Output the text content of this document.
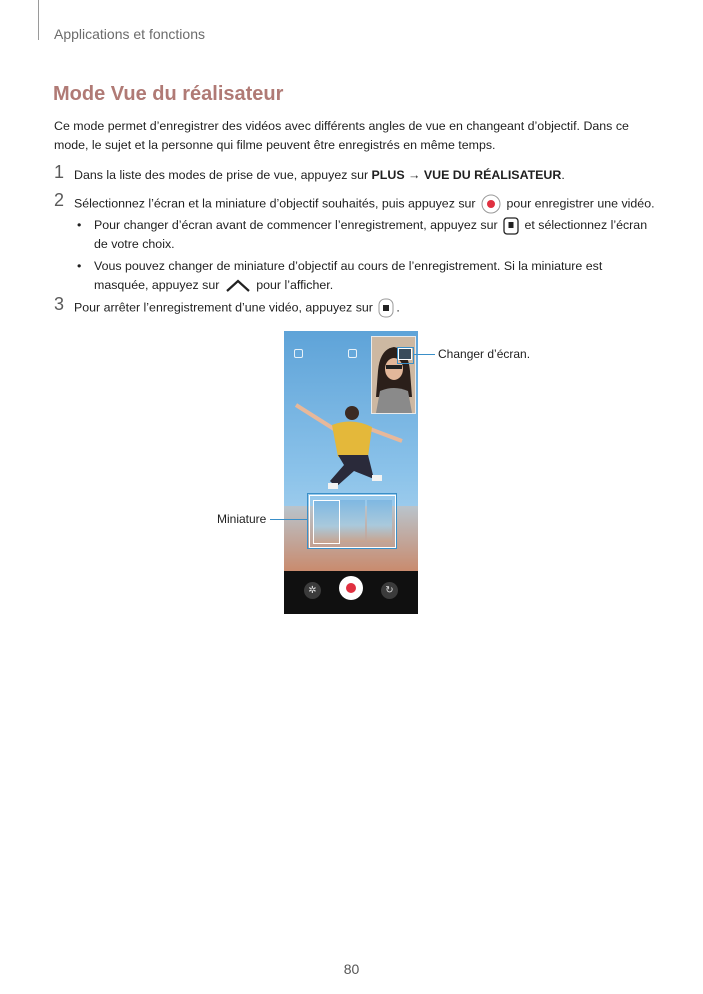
Applications et fonctions
Mode Vue du réalisateur
Ce mode permet d’enregistrer des vidéos avec différents angles de vue en changeant d’objectif. Dans ce
mode, le sujet et la personne qui filme peuvent être enregistrés en même temps.
1 Dans la liste des modes de prise de vue, appuyez sur PLUS → VUE DU RÉALISATEUR.
2 Sélectionnez l’écran et la miniature d’objectif souhaités, puis appuyez sur  pour enregistrer une vidéo.
• Pour changer d’écran avant de commencer l’enregistrement, appuyez sur  et sélectionnez l’écran
de votre choix.
• Vous pouvez changer de miniature d’objectif au cours de l’enregistrement. Si la miniature est
masquée, appuyez sur  pour l’afficher.
3 Pour arrêter l’enregistrement d’une vidéo, appuyez sur .
✲	↻
Changer d’écran.
Miniature
80
